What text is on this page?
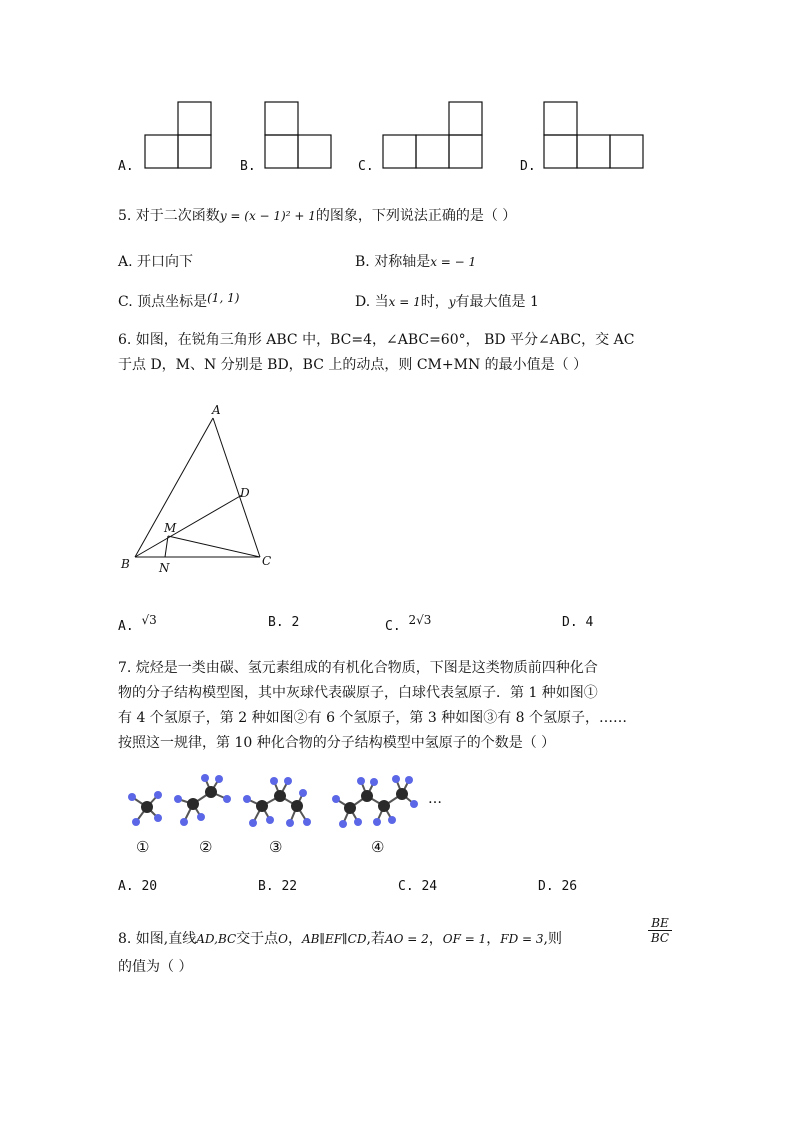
A.	B.	C.	D.
5. 对于二次函数y = (x − 1)² + 1的图象，下列说法正确的是（ ）
A. 开口向下	B. 对称轴是x = − 1
C. 顶点坐标是(1, 1)	D. 当x = 1时，y有最大值是 1
6. 如图，在锐角三角形 ABC 中，BC=4，∠ABC=60°， BD 平分∠ABC，交 AC
于点 D，M、N 分别是 BD，BC 上的动点，则 CM+MN 的最小值是（ ）
A
B	C
D
M
N
A. √3	B. 2	C. 2√3	D. 4
7. 烷烃是一类由碳、氢元素组成的有机化合物质，下图是这类物质前四种化合
物的分子结构模型图，其中灰球代表碳原子，白球代表氢原子．第 1 种如图①
有 4 个氢原子，第 2 种如图②有 6 个氢原子，第 3 种如图③有 8 个氢原子，……
按照这一规律，第 10 种化合物的分子结构模型中氢原子的个数是（ ）
…
①	②	③	④
A. 20	B. 22	C. 24	D. 26
8. 如图,直线AD,BC交于点O，AB∥EF∥CD,若AO = 2，OF = 1，FD = 3,则	$\frac{BE}{BC}$
的值为（ ）
